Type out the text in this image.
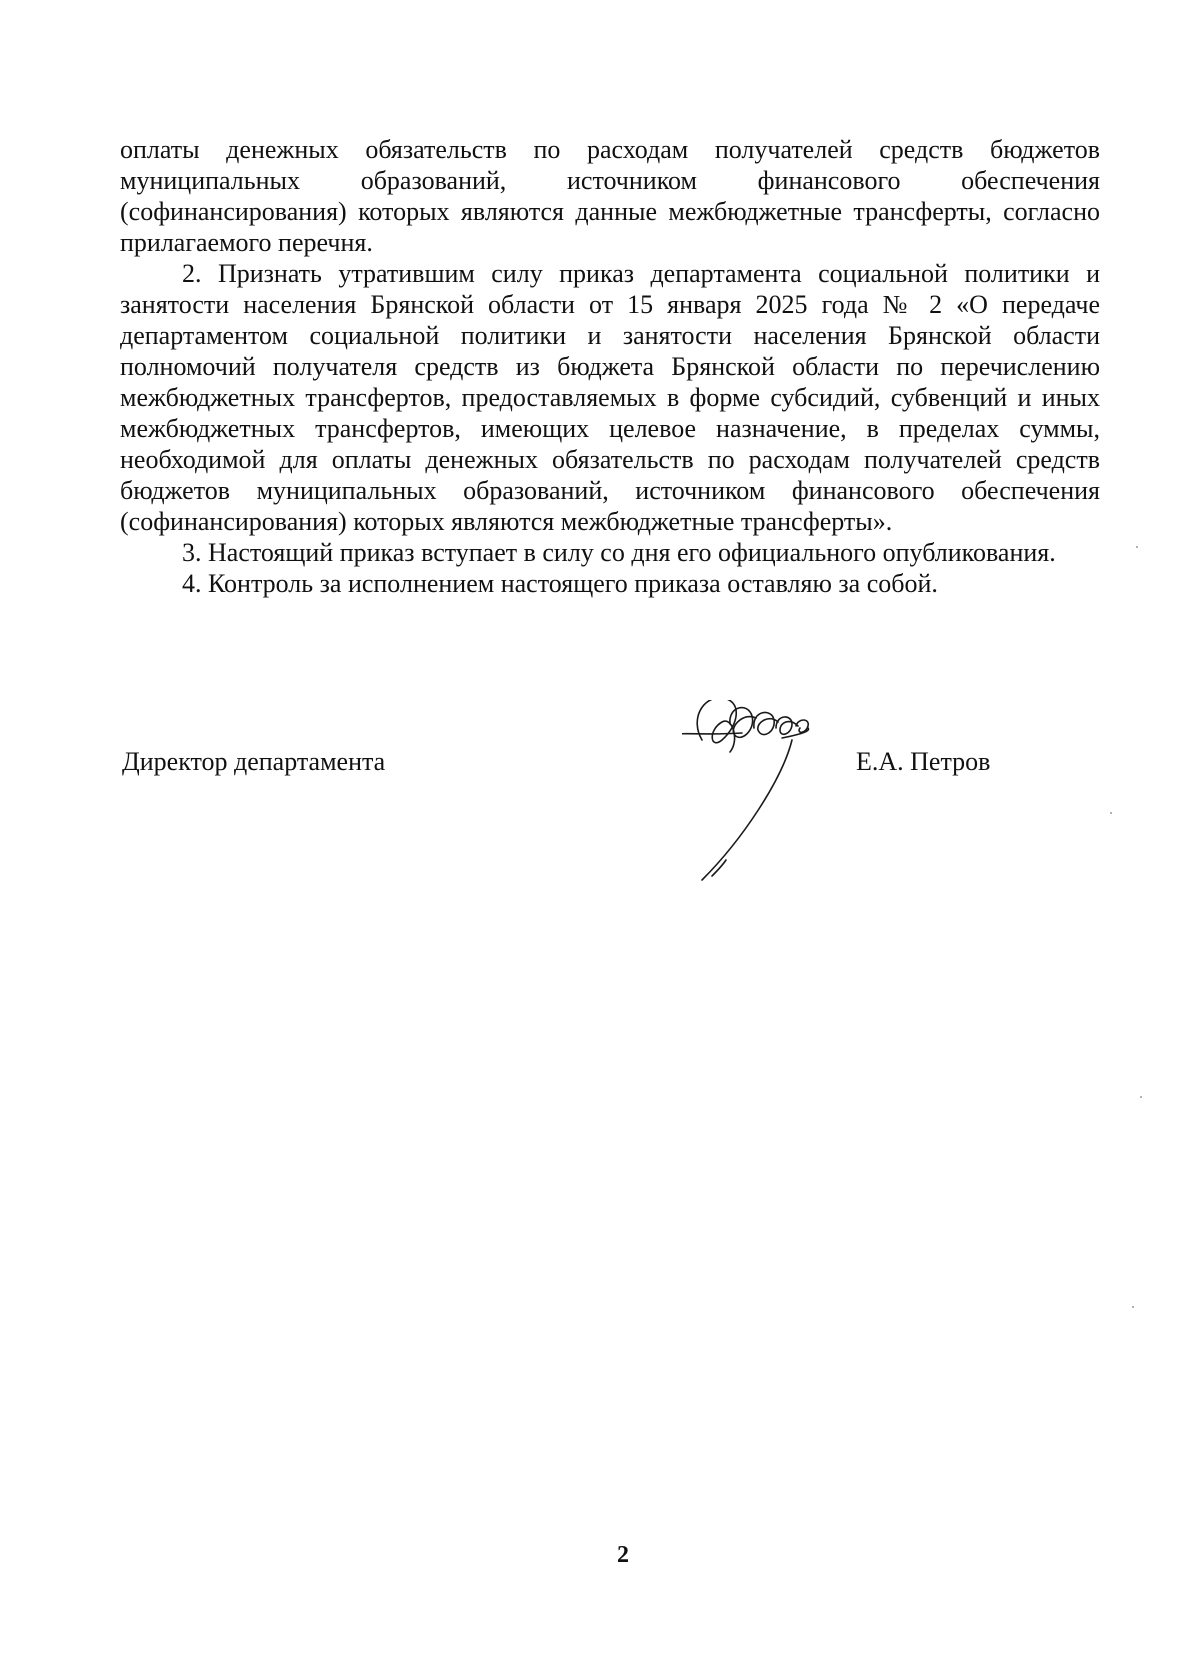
оплаты денежных обязательств по расходам получателей средств бюджетов муниципальных образований, источником финансового обеспечения (софинансирования) которых являются данные межбюджетные трансферты, согласно прилагаемого перечня.

2. Признать утратившим силу приказ департамента социальной политики и занятости населения Брянской области от 15 января 2025 года № 2 «О передаче департаментом социальной политики и занятости населения Брянской области полномочий получателя средств из бюджета Брянской области по перечислению межбюджетных трансфертов, предоставляемых в форме субсидий, субвенций и иных межбюджетных трансфертов, имеющих целевое назначение, в пределах суммы, необходимой для оплаты денежных обязательств по расходам получателей средств бюджетов муниципальных образований, источником финансового обеспечения (софинансирования) которых являются межбюджетные трансферты».

3. Настоящий приказ вступает в силу со дня его официального опубликования.

4. Контроль за исполнением настоящего приказа оставляю за собой.

Директор департамента	Е.А. Петров
2
